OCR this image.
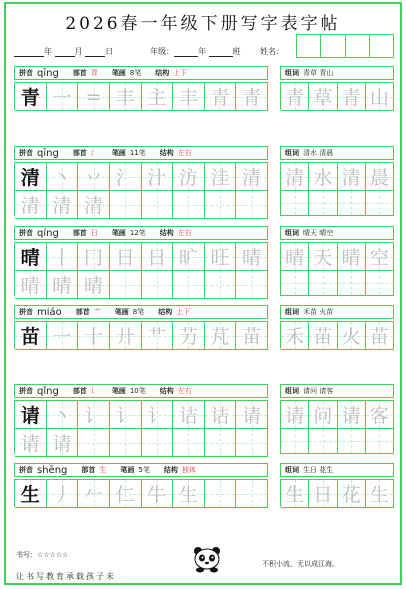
2026春一年级下册写字表字帖
年	月	日	年级：	年	班 姓名：
拼音 qīng 部首 青 笔画 8笔 结构 上下
青 一 = 丰 主 丰 青 青
组词 青草 青山
青 草 青 山
拼音 qīng 部首 氵 笔画 11笔 结构 左右
清 丶 丷 氵 汁 汸 洼 清
清 清 清
组词 清水 清晨
清 水 清 晨
拼音 qíng 部首 日 笔画 12笔 结构 左右
晴 丨 冂 日 日 旷 旺 晴
晴 晴 晴
组词 晴天 晴空
晴 天 晴 空
拼音 miáo 部首 艹 笔画 8笔 结构 上下
苗 一 十 廾 艹 芀 芃 苗
组词 禾苗 火苗
禾 苗 火 苗
拼音 qǐng 部首 讠 笔画 10笔 结构 左右
请 丶 讠 讠 讠 诘 诘 请
请 请
组词 请问 请客
请 问 请 客
拼音 shēng 部首 生 笔画 5笔 结构 独体
生 丿 𠂉 仁 牛 生
组词 生日 花生
生 日 花 生
书写：☆☆☆☆☆
让书写教育承载孩子未
不积小流，无以成江海。
